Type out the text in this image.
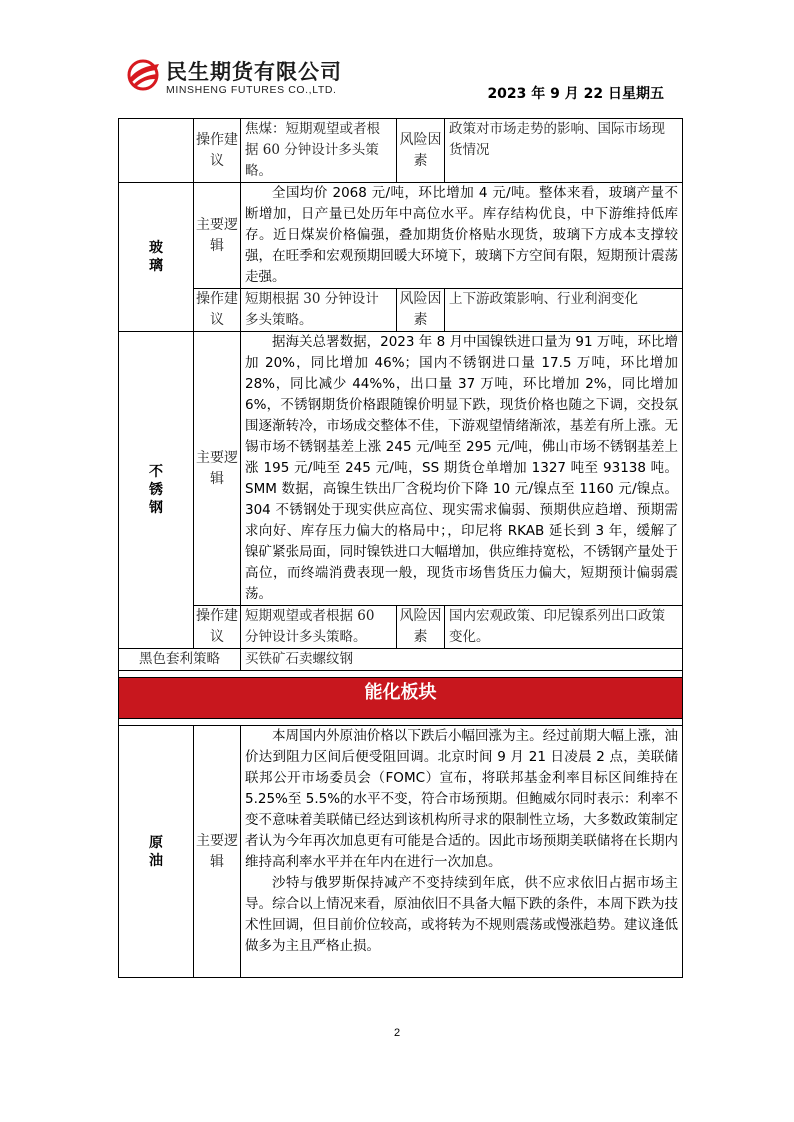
民生期货有限公司
MINSHENG FUTURES CO.,LTD.	2023 年 9 月 22 日星期五
	操作建议	焦煤：短期观望或者根据 60 分钟设计多头策略。	风险因素	政策对市场走势的影响、国际市场现货情况
玻璃	主要逻辑	全国均价 2068 元/吨，环比增加 4 元/吨。整体来看，玻璃产量不断增加，日产量已处历年中高位水平。库存结构优良，中下游维持低库存。近日煤炭价格偏强，叠加期货价格贴水现货，玻璃下方成本支撑较强，在旺季和宏观预期回暖大环境下，玻璃下方空间有限，短期预计震荡走强。		

	操作建议	短期根据 30 分钟设计多头策略。	风险因素	上下游政策影响、行业利润变化
不锈钢	主要逻辑	据海关总署数据，2023 年 8 月中国镍铁进口量为 91 万吨，环比增加 20%，同比增加 46%；国内不锈钢进口量 17.5 万吨，环比增加 28%，同比减少 44%%，出口量 37 万吨，环比增加 2%，同比增加 6%，不锈钢期货价格跟随镍价明显下跌，现货价格也随之下调，交投氛围逐渐转冷，市场成交整体不佳，下游观望情绪渐浓，基差有所上涨。无锡市场不锈钢基差上涨 245 元/吨至 295 元/吨，佛山市场不锈钢基差上涨 195 元/吨至 245 元/吨，SS 期货仓单增加 1327 吨至 93138 吨。SMM 数据，高镍生铁出厂含税均价下降 10 元/镍点至 1160 元/镍点。304 不锈钢处于现实供应高位、现实需求偏弱、预期供应趋增、预期需求向好、库存压力偏大的格局中；，印尼将 RKAB 延长到 3 年，缓解了镍矿紧张局面，同时镍铁进口大幅增加，供应维持宽松，不锈钢产量处于高位，而终端消费表现一般，现货市场售货压力偏大，短期预计偏弱震荡。		

	操作建议	短期观望或者根据 60 分钟设计多头策略。	风险因素	国内宏观政策、印尼镍系列出口政策变化。
黑色套利策略		买铁矿石卖螺纹钢		

能化板块				

原油	主要逻辑	本周国内外原油价格以下跌后小幅回涨为主。经过前期大幅上涨，油价达到阻力区间后便受阻回调。北京时间 9 月 21 日凌晨 2 点，美联储联邦公开市场委员会（FOMC）宣布，将联邦基金利率目标区间维持在 5.25%至 5.5%的水平不变，符合市场预期。但鲍威尔同时表示：利率不变不意味着美联储已经达到该机构所寻求的限制性立场，大多数政策制定者认为今年再次加息更有可能是合适的。因此市场预期美联储将在长期内维持高利率水平并在年内在进行一次加息。

沙特与俄罗斯保持减产不变持续到年底，供不应求依旧占据市场主导。综合以上情况来看，原油依旧不具备大幅下跌的条件，本周下跌为技术性回调，但目前价位较高，或将转为不规则震荡或慢涨趋势。建议逢低做多为主且严格止损。		

2
